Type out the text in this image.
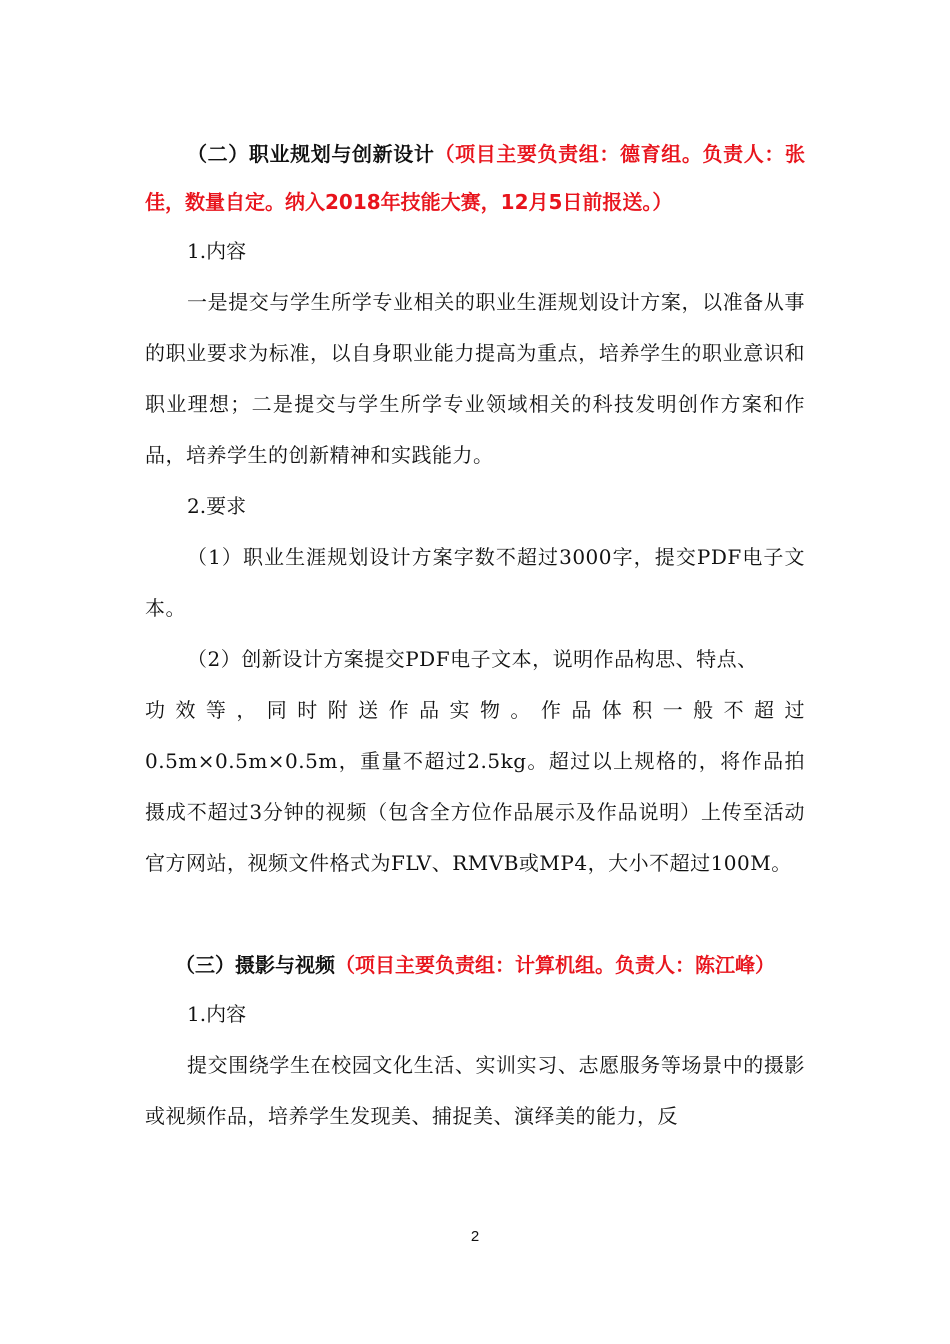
（二）职业规划与创新设计（项目主要负责组：德育组。负责人：张佳，数量自定。纳入2018年技能大赛，12月5日前报送。）

1.内容

一是提交与学生所学专业相关的职业生涯规划设计方案，以准备从事的职业要求为标准，以自身职业能力提高为重点，培养学生的职业意识和职业理想；二是提交与学生所学专业领域相关的科技发明创作方案和作品，培养学生的创新精神和实践能力。

2.要求

（1）职业生涯规划设计方案字数不超过3000字，提交PDF电子文本。

（2）创新设计方案提交PDF电子文本，说明作品构思、特点、

功效等，同时附送作品实物。作品体积一般不超过

0.5m×0.5m×0.5m，重量不超过2.5kg。超过以上规格的，将作品拍摄成不超过3分钟的视频（包含全方位作品展示及作品说明）上传至活动官方网站，视频文件格式为FLV、RMVB或MP4，大小不超过100M。

（三）摄影与视频（项目主要负责组：计算机组。负责人：陈江峰）

1.内容

提交围绕学生在校园文化生活、实训实习、志愿服务等场景中的摄影或视频作品，培养学生发现美、捕捉美、演绎美的能力，反

2
